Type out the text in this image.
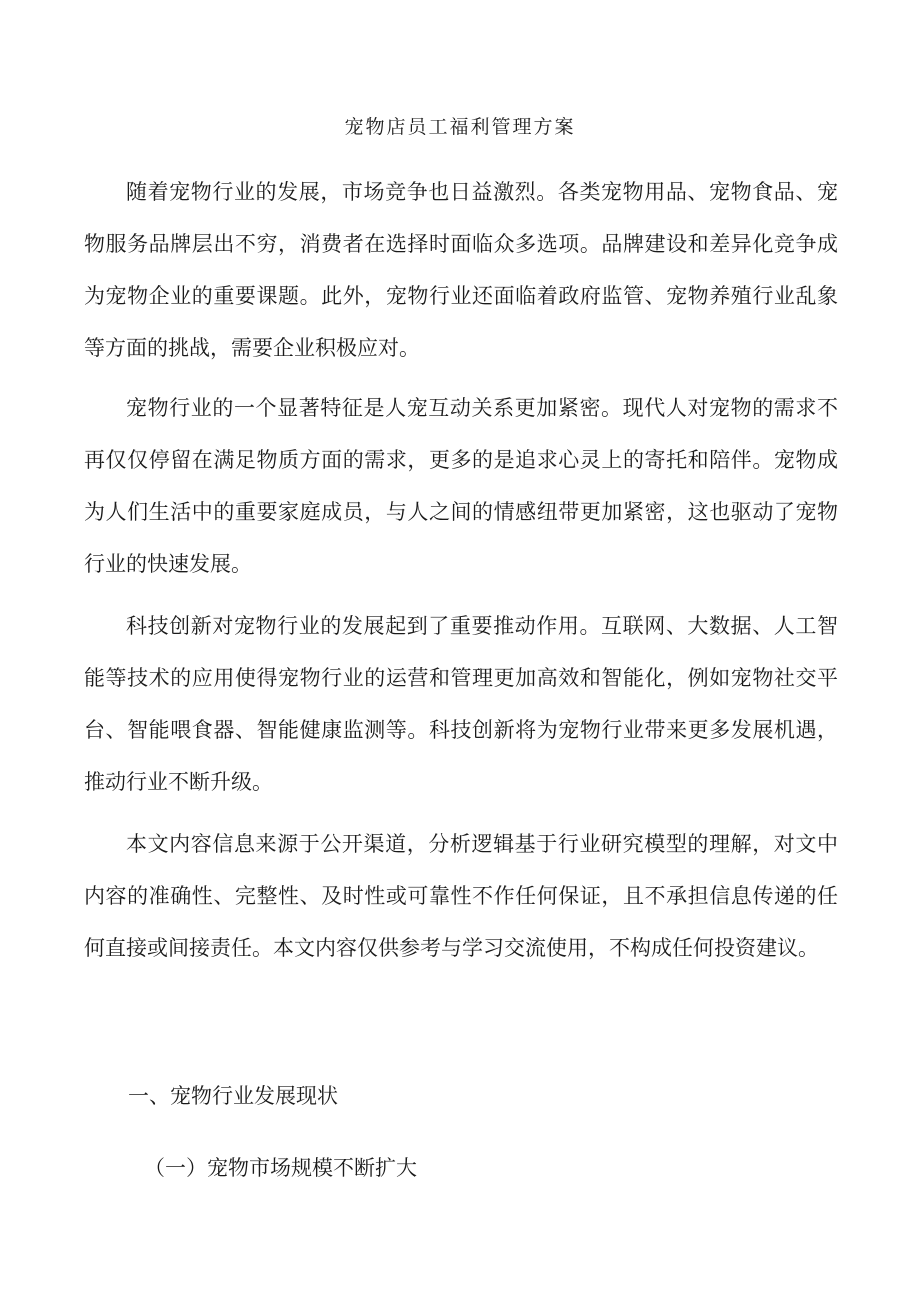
宠物店员工福利管理方案

随着宠物行业的发展，市场竞争也日益激烈。各类宠物用品、宠物食品、宠物服务品牌层出不穷，消费者在选择时面临众多选项。品牌建设和差异化竞争成为宠物企业的重要课题。此外，宠物行业还面临着政府监管、宠物养殖行业乱象等方面的挑战，需要企业积极应对。

宠物行业的一个显著特征是人宠互动关系更加紧密。现代人对宠物的需求不再仅仅停留在满足物质方面的需求，更多的是追求心灵上的寄托和陪伴。宠物成为人们生活中的重要家庭成员，与人之间的情感纽带更加紧密，这也驱动了宠物行业的快速发展。

科技创新对宠物行业的发展起到了重要推动作用。互联网、大数据、人工智能等技术的应用使得宠物行业的运营和管理更加高效和智能化，例如宠物社交平台、智能喂食器、智能健康监测等。科技创新将为宠物行业带来更多发展机遇，推动行业不断升级。

本文内容信息来源于公开渠道，分析逻辑基于行业研究模型的理解，对文中内容的准确性、完整性、及时性或可靠性不作任何保证，且不承担信息传递的任何直接或间接责任。本文内容仅供参考与学习交流使用，不构成任何投资建议。

一、宠物行业发展现状
（一）宠物市场规模不断扩大
